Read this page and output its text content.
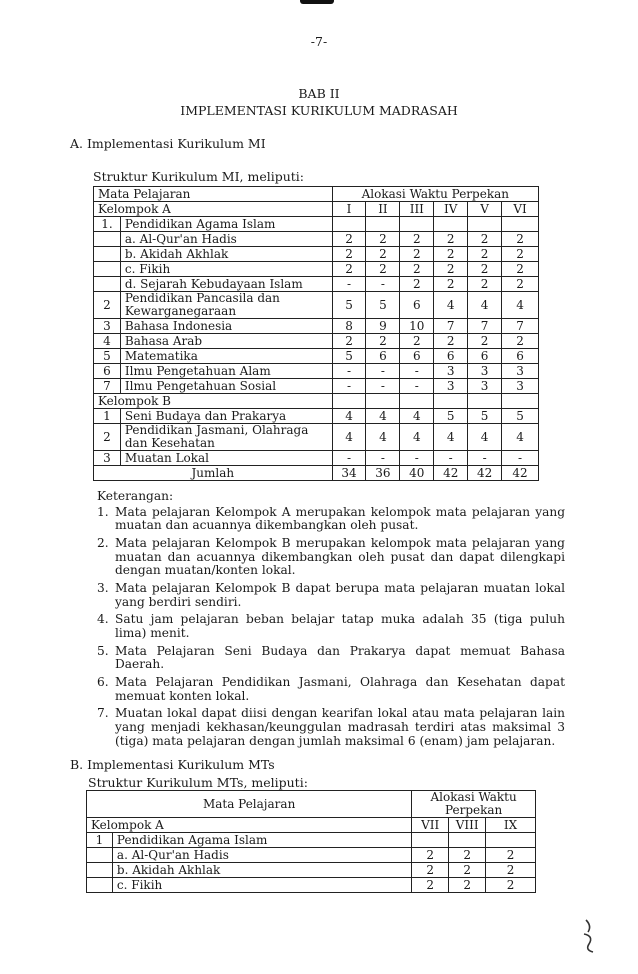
-7-
BAB II
IMPLEMENTASI KURIKULUM MADRASAH
A. Implementasi Kurikulum MI
Struktur Kurikulum MI, meliputi:
Mata Pelajaran		Alokasi Waktu Perpekan					
Kelompok A		I	II	III	IV	V	VI
1.	Pendidikan Agama Islam						
	a. Al-Qur'an Hadis	2	2	2	2	2	2
	b. Akidah Akhlak	2	2	2	2	2	2
	c. Fikih	2	2	2	2	2	2
	d. Sejarah Kebudayaan Islam	-	-	2	2	2	2
2	Pendidikan Pancasila dan Kewarganegaraan	5	5	6	4	4	4
3	Bahasa Indonesia	8	9	10	7	7	7
4	Bahasa Arab	2	2	2	2	2	2
5	Matematika	5	6	6	6	6	6
6	Ilmu Pengetahuan Alam	-	-	-	3	3	3
7	Ilmu Pengetahuan Sosial	-	-	-	3	3	3
Kelompok B							
1	Seni Budaya dan Prakarya	4	4	4	5	5	5
2	Pendidikan Jasmani, Olahraga dan Kesehatan	4	4	4	4	4	4
3	Muatan Lokal	-	-	-	-	-	-
Jumlah		34	36	40	42	42	42
Keterangan:
1. Mata pelajaran Kelompok A merupakan kelompok mata pelajaran yang muatan dan acuannya dikembangkan oleh pusat.
2. Mata pelajaran Kelompok B merupakan kelompok mata pelajaran yang muatan dan acuannya dikembangkan oleh pusat dan dapat dilengkapi dengan muatan/konten lokal.
3. Mata pelajaran Kelompok B dapat berupa mata pelajaran muatan lokal yang berdiri sendiri.
4. Satu jam pelajaran beban belajar tatap muka adalah 35 (tiga puluh lima) menit.
5. Mata Pelajaran Seni Budaya dan Prakarya dapat memuat Bahasa Daerah.
6. Mata Pelajaran Pendidikan Jasmani, Olahraga dan Kesehatan dapat memuat konten lokal.
7. Muatan lokal dapat diisi dengan kearifan lokal atau mata pelajaran lain yang menjadi kekhasan/keunggulan madrasah terdiri atas maksimal 3 (tiga) mata pelajaran dengan jumlah maksimal 6 (enam) jam pelajaran.
B. Implementasi Kurikulum MTs
Struktur Kurikulum MTs, meliputi:
Mata Pelajaran		Alokasi Waktu Perpekan		

Kelompok A		VII	VIII	IX
1	Pendidikan Agama Islam			
	a. Al-Qur'an Hadis	2	2	2
	b. Akidah Akhlak	2	2	2
	c. Fikih	2	2	2
